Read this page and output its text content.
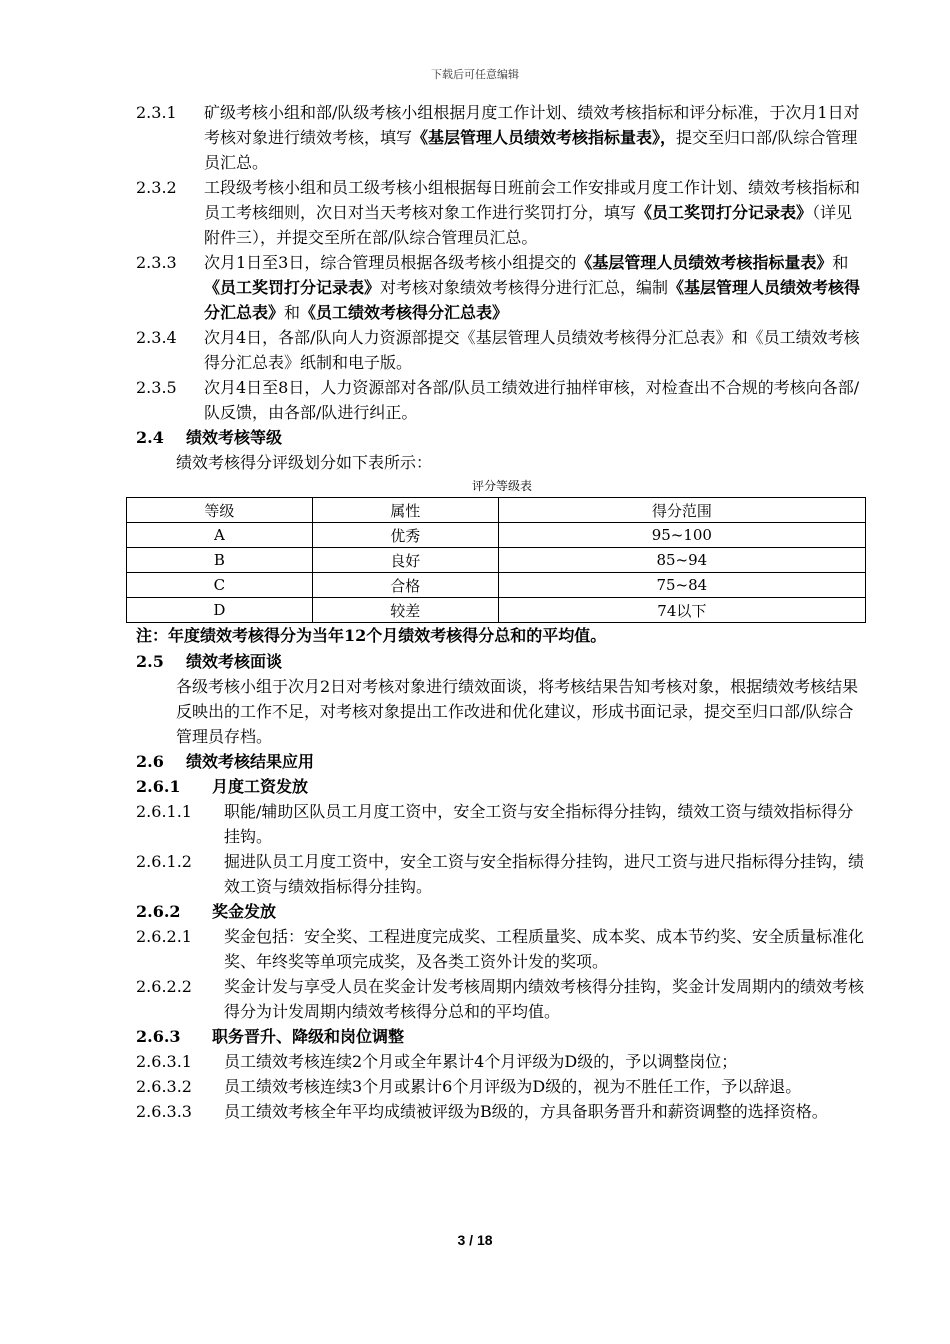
下载后可任意编辑
2.3.1	矿级考核小组和部/队级考核小组根据月度工作计划、绩效考核指标和评分标准，于次月1日对考核对象进行绩效考核，填写《基层管理人员绩效考核指标量表》，提交至归口部/队综合管理员汇总。
2.3.2	工段级考核小组和员工级考核小组根据每日班前会工作安排或月度工作计划、绩效考核指标和员工考核细则，次日对当天考核对象工作进行奖罚打分，填写《员工奖罚打分记录表》（详见附件三），并提交至所在部/队综合管理员汇总。
2.3.3	次月1日至3日，综合管理员根据各级考核小组提交的《基层管理人员绩效考核指标量表》和《员工奖罚打分记录表》对考核对象绩效考核得分进行汇总，编制《基层管理人员绩效考核得分汇总表》和《员工绩效考核得分汇总表》
2.3.4	次月4日，各部/队向人力资源部提交《基层管理人员绩效考核得分汇总表》和《员工绩效考核得分汇总表》纸制和电子版。
2.3.5	次月4日至8日，人力资源部对各部/队员工绩效进行抽样审核，对检查出不合规的考核向各部/队反馈，由各部/队进行纠正。
2.4	绩效考核等级
绩效考核得分评级划分如下表所示：
评分等级表
等级	属性	得分范围
A	优秀	95~100
B	良好	85~94
C	合格	75~84
D	较差	74以下
注：年度绩效考核得分为当年12个月绩效考核得分总和的平均值。
2.5	绩效考核面谈
各级考核小组于次月2日对考核对象进行绩效面谈，将考核结果告知考核对象，根据绩效考核结果反映出的工作不足，对考核对象提出工作改进和优化建议，形成书面记录，提交至归口部/队综合管理员存档。
2.6	绩效考核结果应用
2.6.1	月度工资发放
2.6.1.1	职能/辅助区队员工月度工资中，安全工资与安全指标得分挂钩，绩效工资与绩效指标得分挂钩。
2.6.1.2	掘进队员工月度工资中，安全工资与安全指标得分挂钩，进尺工资与进尺指标得分挂钩，绩效工资与绩效指标得分挂钩。
2.6.2	奖金发放
2.6.2.1	奖金包括：安全奖、工程进度完成奖、工程质量奖、成本奖、成本节约奖、安全质量标准化奖、年终奖等单项完成奖，及各类工资外计发的奖项。
2.6.2.2	奖金计发与享受人员在奖金计发考核周期内绩效考核得分挂钩，奖金计发周期内的绩效考核得分为计发周期内绩效考核得分总和的平均值。
2.6.3	职务晋升、降级和岗位调整
2.6.3.1	员工绩效考核连续2个月或全年累计4个月评级为D级的，予以调整岗位；
2.6.3.2	员工绩效考核连续3个月或累计6个月评级为D级的，视为不胜任工作，予以辞退。
2.6.3.3	员工绩效考核全年平均成绩被评级为B级的，方具备职务晋升和薪资调整的选择资格。
3 / 18
